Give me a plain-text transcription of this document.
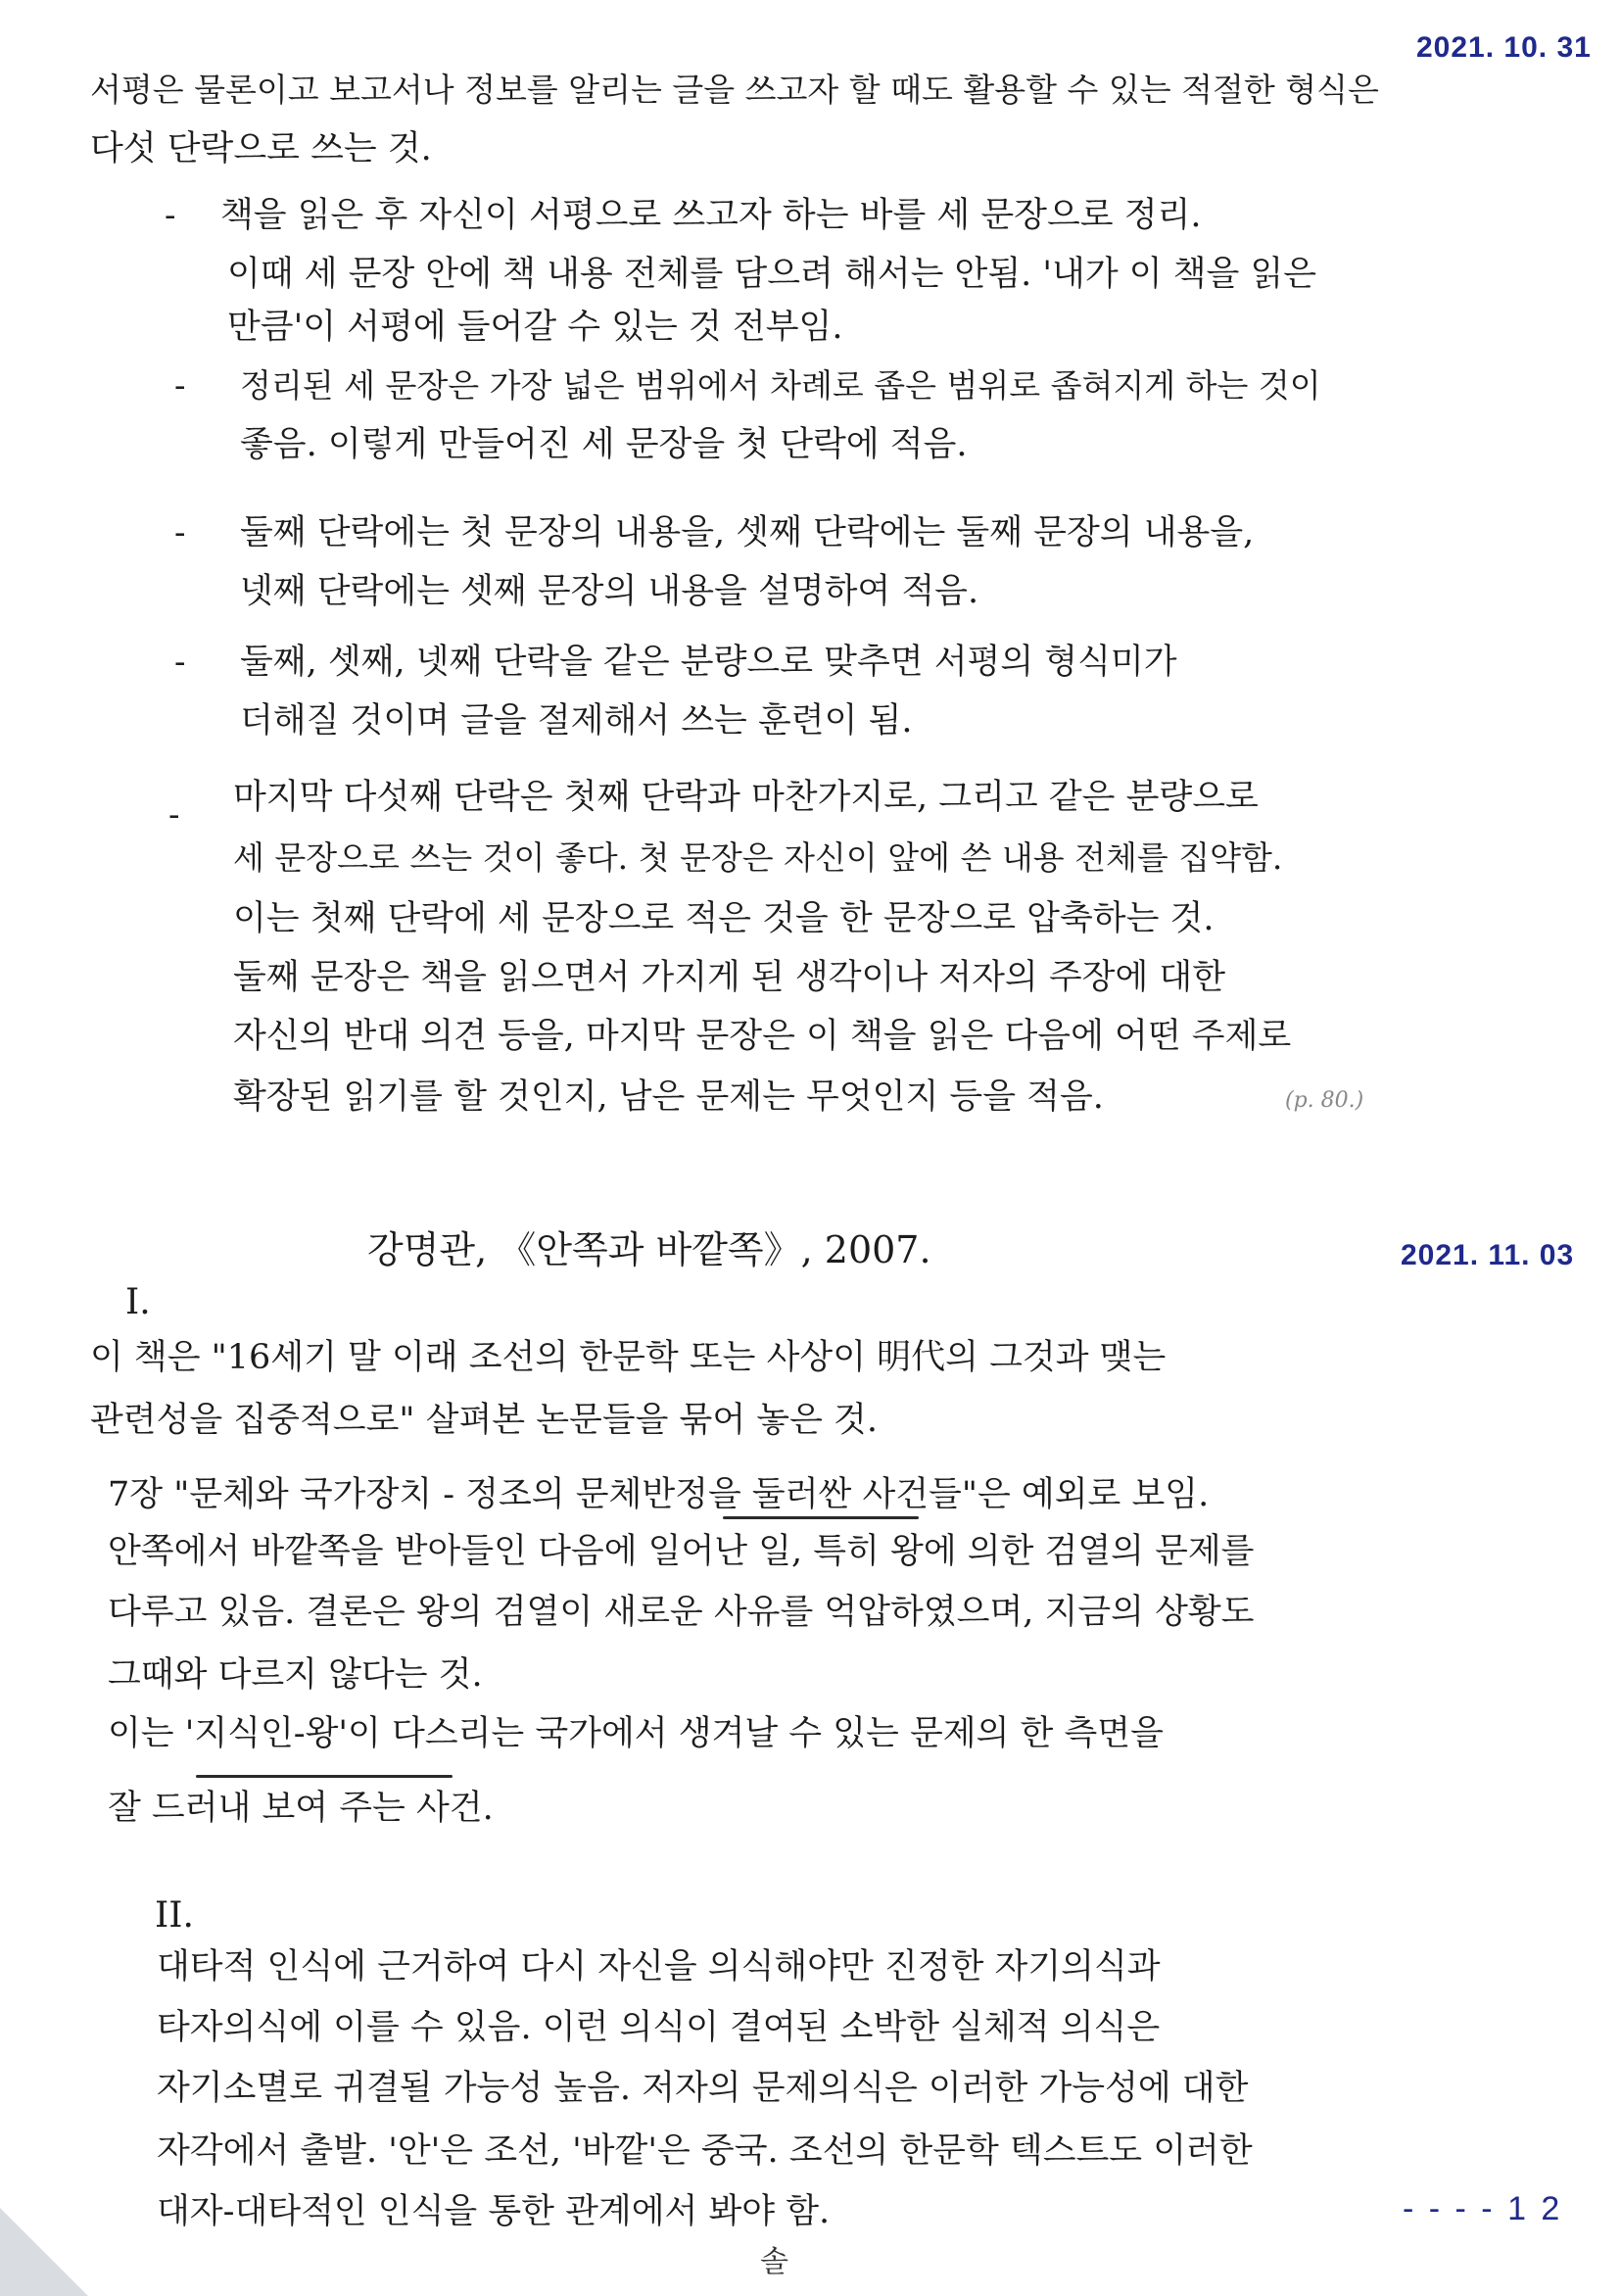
2021. 10. 31
2021. 11. 03
서평은 물론이고 보고서나 정보를 알리는 글을 쓰고자 할 때도 활용할 수 있는 적절한 형식은
다섯 단락으로 쓰는 것.
- 책을 읽은 후 자신이 서평으로 쓰고자 하는 바를 세 문장으로 정리.
이때 세 문장 안에 책 내용 전체를 담으려 해서는 안됨. '내가 이 책을 읽은
만큼'이 서평에 들어갈 수 있는 것 전부임.
- 정리된 세 문장은 가장 넓은 범위에서 차례로 좁은 범위로 좁혀지게 하는 것이
좋음. 이렇게 만들어진 세 문장을 첫 단락에 적음.
- 둘째 단락에는 첫 문장의 내용을, 셋째 단락에는 둘째 문장의 내용을,
넷째 단락에는 셋째 문장의 내용을 설명하여 적음.
- 둘째, 셋째, 넷째 단락을 같은 분량으로 맞추면 서평의 형식미가
더해질 것이며 글을 절제해서 쓰는 훈련이 됨.
- 마지막 다섯째 단락은 첫째 단락과 마찬가지로, 그리고 같은 분량으로
세 문장으로 쓰는 것이 좋다. 첫 문장은 자신이 앞에 쓴 내용 전체를 집약함.
이는 첫째 단락에 세 문장으로 적은 것을 한 문장으로 압축하는 것.
둘째 문장은 책을 읽으면서 가지게 된 생각이나 저자의 주장에 대한
자신의 반대 의견 등을, 마지막 문장은 이 책을 읽은 다음에 어떤 주제로
확장된 읽기를 할 것인지, 남은 문제는 무엇인지 등을 적음.	(p. 80.)
강명관, 《안쪽과 바깥쪽》, 2007.
I.
이 책은 "16세기 말 이래 조선의 한문학 또는 사상이 明代의 그것과 맺는
관련성을 집중적으로" 살펴본 논문들을 묶어 놓은 것.
7장 "문체와 국가장치 - 정조의 문체반정을 둘러싼 사건들"은 예외로 보임.
안쪽에서 바깥쪽을 받아들인 다음에 일어난 일, 특히 왕에 의한 검열의 문제를
다루고 있음. 결론은 왕의 검열이 새로운 사유를 억압하였으며, 지금의 상황도
그때와 다르지 않다는 것.
이는 '지식인-왕'이 다스리는 국가에서 생겨날 수 있는 문제의 한 측면을
잘 드러내 보여 주는 사건.
II.
대타적 인식에 근거하여 다시 자신을 의식해야만 진정한 자기의식과
타자의식에 이를 수 있음. 이런 의식이 결여된 소박한 실체적 의식은
자기소멸로 귀결될 가능성 높음. 저자의 문제의식은 이러한 가능성에 대한
자각에서 출발. '안'은 조선, '바깥'은 중국. 조선의 한문학 텍스트도 이러한
대자-대타적인 인식을 통한 관계에서 봐야 함.
솔
- - - - 1 2
